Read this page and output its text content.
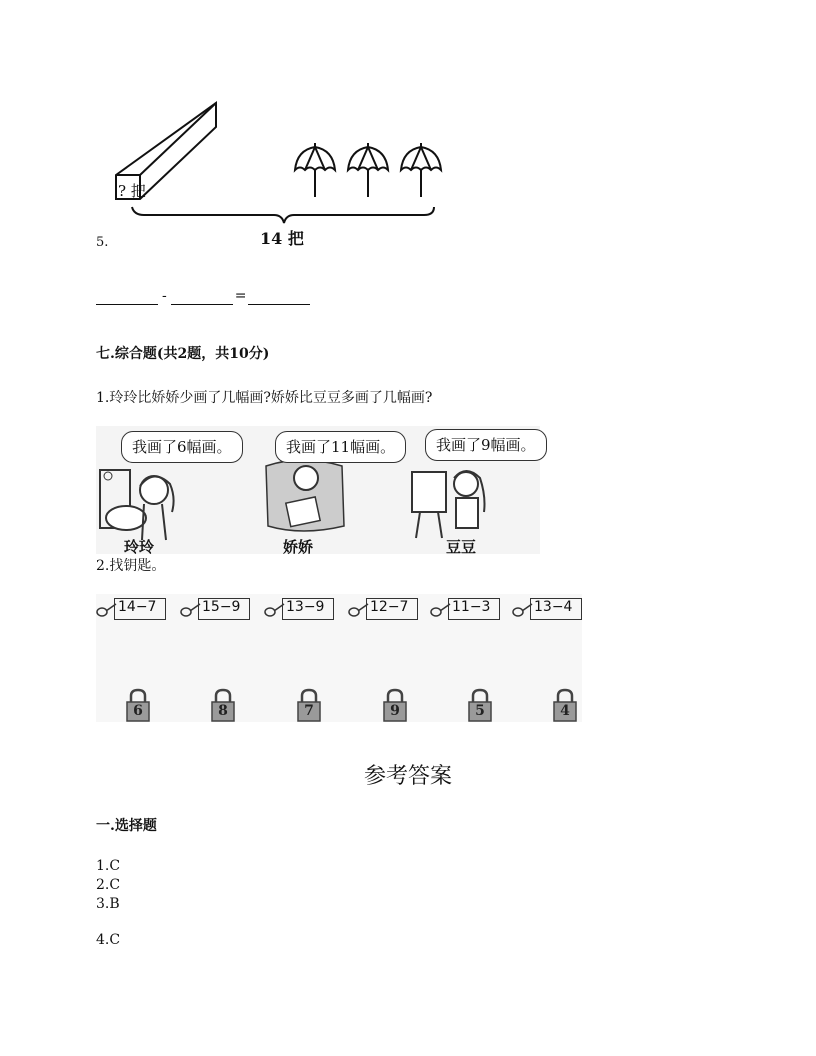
? 把
14 把
5.
-	=
七.综合题(共2题，共10分)
1.玲玲比娇娇少画了几幅画?娇娇比豆豆多画了几幅画?
我画了6幅画。	我画了11幅画。	我画了9幅画。
玲玲	娇娇	豆豆
2.找钥匙。
14−7	15−9	13−9	12−7	11−3	13−4
6	8	7	9	5	4
参考答案
一.选择题
1.C
2.C
3.B
4.C
